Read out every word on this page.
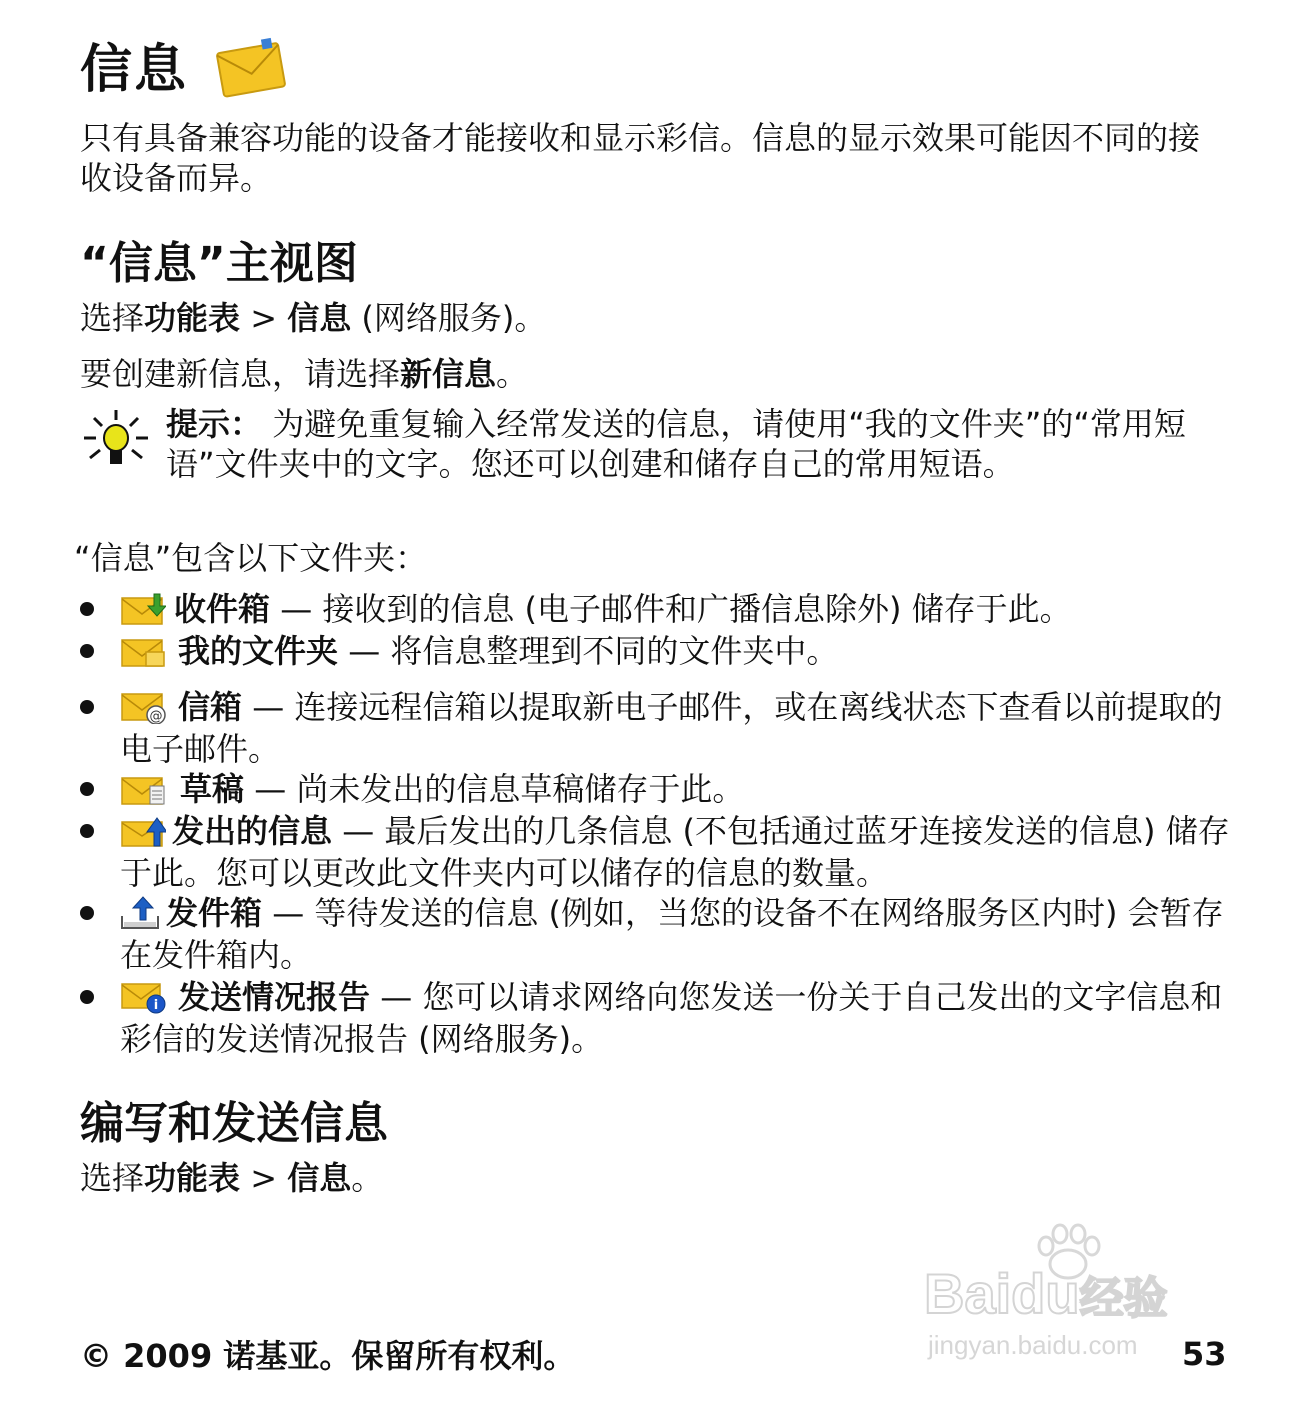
信息
只有具备兼容功能的设备才能接收和显示彩信。信息的显示效果可能因不同的接收设备而异。
“信息”主视图
选择功能表 > 信息 (网络服务)。
要创建新信息，请选择新信息。
提示： 为避免重复输入经常发送的信息，请使用“我的文件夹”的“常用短语”文件夹中的文字。您还可以创建和储存自己的常用短语。
“信息”包含以下文件夹：
收件箱 — 接收到的信息 (电子邮件和广播信息除外) 储存于此。
我的文件夹 — 将信息整理到不同的文件夹中。
@ 信箱 — 连接远程信箱以提取新电子邮件，或在离线状态下查看以前提取的电子邮件。
草稿 — 尚未发出的信息草稿储存于此。
发出的信息 — 最后发出的几条信息 (不包括通过蓝牙连接发送的信息) 储存于此。您可以更改此文件夹内可以储存的信息的数量。
发件箱 — 等待发送的信息 (例如，当您的设备不在网络服务区内时) 会暂存在发件箱内。
i 发送情况报告 — 您可以请求网络向您发送一份关于自己发出的文字信息和彩信的发送情况报告 (网络服务)。
编写和发送信息
选择功能表 > 信息。
Baidu经验
jingyan.baidu.com
© 2009 诺基亚。保留所有权利。	53
